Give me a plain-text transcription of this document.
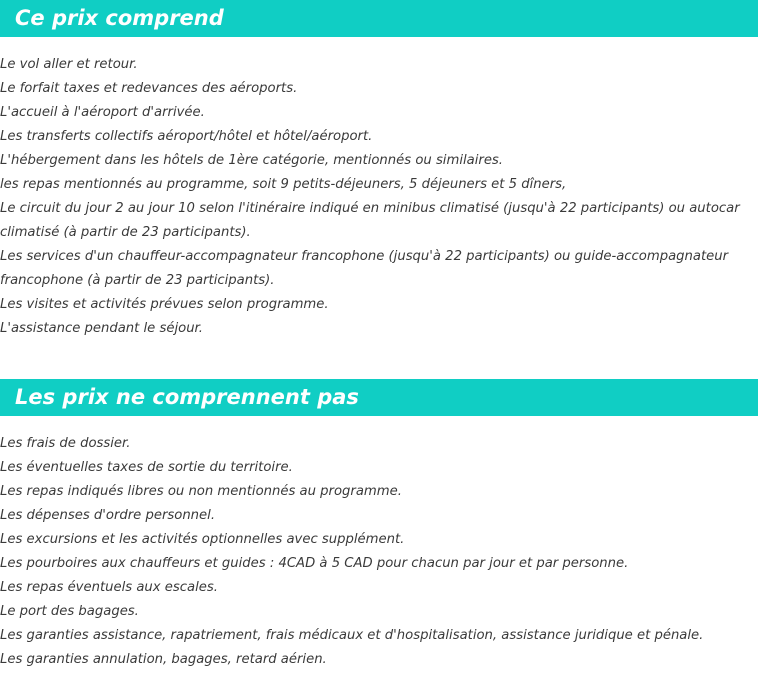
Ce prix comprend
Le vol aller et retour.
Le forfait taxes et redevances des aéroports.
L'accueil à l'aéroport d'arrivée.
Les transferts collectifs aéroport/hôtel et hôtel/aéroport.
L'hébergement dans les hôtels de 1ère catégorie, mentionnés ou similaires.
les repas mentionnés au programme, soit 9 petits-déjeuners, 5 déjeuners et 5 dîners,
Le circuit du jour 2 au jour 10 selon l'itinéraire indiqué en minibus climatisé (jusqu'à 22 participants) ou autocar climatisé (à partir de 23 participants).
Les services d'un chauffeur-accompagnateur francophone (jusqu'à 22 participants) ou guide-accompagnateur francophone (à partir de 23 participants).
Les visites et activités prévues selon programme.
L'assistance pendant le séjour.
Les prix ne comprennent pas
Les frais de dossier.
Les éventuelles taxes de sortie du territoire.
Les repas indiqués libres ou non mentionnés au programme.
Les dépenses d'ordre personnel.
Les excursions et les activités optionnelles avec supplément.
Les pourboires aux chauffeurs et guides : 4CAD à 5 CAD pour chacun par jour et par personne.
Les repas éventuels aux escales.
Le port des bagages.
Les garanties assistance, rapatriement, frais médicaux et d'hospitalisation, assistance juridique et pénale.
Les garanties annulation, bagages, retard aérien.
